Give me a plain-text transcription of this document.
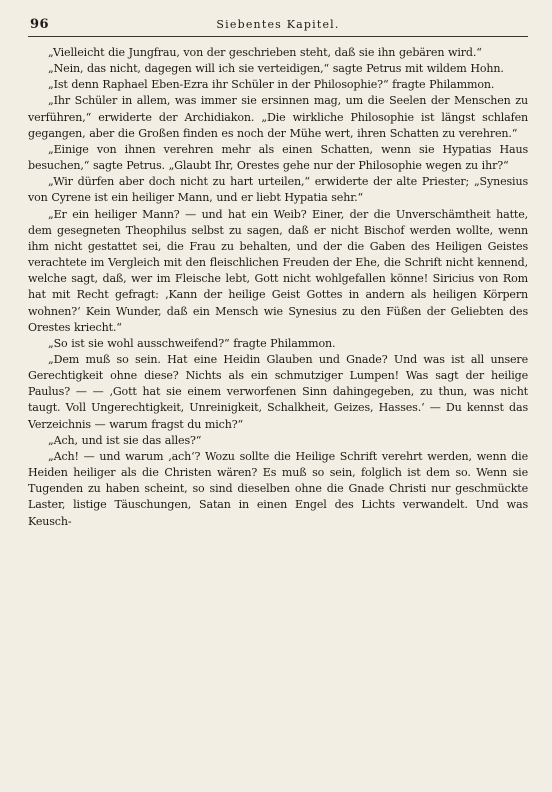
96	Siebentes Kapitel.

„Vielleicht die Jungfrau, von der geschrieben steht, daß sie ihn gebären wird.“

„Nein, das nicht, dagegen will ich sie verteidigen,“ sagte Petrus mit wildem Hohn.

„Ist denn Raphael Eben-Ezra ihr Schüler in der Philosophie?“ fragte Philammon.

„Ihr Schüler in allem, was immer sie ersinnen mag, um die Seelen der Menschen zu verführen,“ erwiderte der Archidiakon. „Die wirkliche Philosophie ist längst schlafen gegangen, aber die Großen finden es noch der Mühe wert, ihren Schatten zu verehren.“

„Einige von ihnen verehren mehr als einen Schatten, wenn sie Hypatias Haus besuchen,“ sagte Petrus. „Glaubt Ihr, Orestes gehe nur der Philosophie wegen zu ihr?“

„Wir dürfen aber doch nicht zu hart urteilen,“ erwiderte der alte Priester; „Synesius von Cyrene ist ein heiliger Mann, und er liebt Hypatia sehr.“

„Er ein heiliger Mann? — und hat ein Weib? Einer, der die Unverschämtheit hatte, dem gesegneten Theophilus selbst zu sagen, daß er nicht Bischof werden wollte, wenn ihm nicht gestattet sei, die Frau zu behalten, und der die Gaben des Heiligen Geistes verachtete im Vergleich mit den fleischlichen Freuden der Ehe, die Schrift nicht kennend, welche sagt, daß, wer im Fleische lebt, Gott nicht wohlgefallen könne! Siricius von Rom hat mit Recht gefragt: ‚Kann der heilige Geist Gottes in andern als heiligen Körpern wohnen?‘ Kein Wunder, daß ein Mensch wie Synesius zu den Füßen der Geliebten des Orestes kriecht.“

„So ist sie wohl ausschweifend?“ fragte Philammon.

„Dem muß so sein. Hat eine Heidin Glauben und Gnade? Und was ist all unsere Gerechtigkeit ohne diese? Nichts als ein schmutziger Lumpen! Was sagt der heilige Paulus? — — ‚Gott hat sie einem verworfenen Sinn dahingegeben, zu thun, was nicht taugt. Voll Ungerechtigkeit, Unreinigkeit, Schalkheit, Geizes, Hasses.‘ — Du kennst das Verzeichnis — warum fragst du mich?“

„Ach, und ist sie das alles?“

„Ach! — und warum ‚ach‘? Wozu sollte die Heilige Schrift verehrt werden, wenn die Heiden heiliger als die Christen wären? Es muß so sein, folglich ist dem so. Wenn sie Tugenden zu haben scheint, so sind dieselben ohne die Gnade Christi nur geschmückte Laster, listige Täuschungen, Satan in einen Engel des Lichts verwandelt. Und was Keusch-
